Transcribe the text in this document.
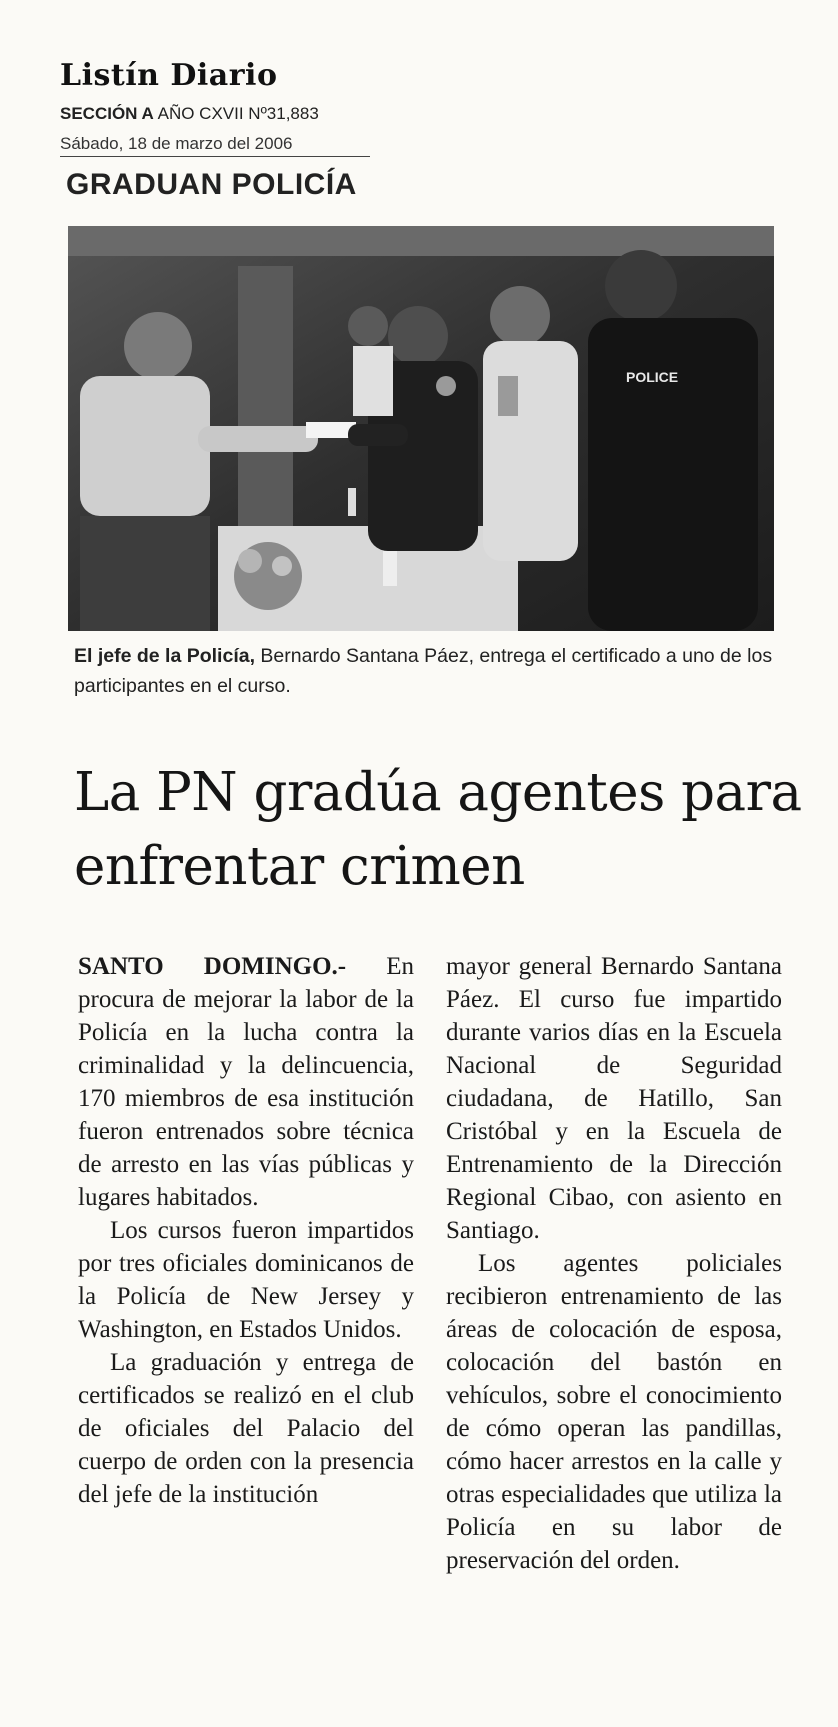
Listín Diario
SECCIÓN A AÑO CXVII Nº31,883
Sábado, 18 de marzo del 2006
GRADUAN POLICÍA
POLICE
El jefe de la Policía, Bernardo Santana Páez, entrega el certificado a uno de los participantes en el curso.
La PN gradúa agentes para enfrentar crimen

SANTO DOMINGO.- En procura de mejorar la labor de la Policía en la lucha contra la criminalidad y la delincuencia, 170 miembros de esa institución fueron entrenados sobre técnica de arresto en las vías públicas y lugares habitados.

Los cursos fueron impartidos por tres oficiales dominicanos de la Policía de New Jersey y Washington, en Estados Unidos.

La graduación y entrega de certificados se realizó en el club de oficiales del Palacio del cuerpo de orden con la presencia del jefe de la institución

mayor general Bernardo Santana Páez. El curso fue impartido durante varios días en la Escuela Nacional de Seguridad ciudadana, de Hatillo, San Cristóbal y en la Escuela de Entrenamiento de la Dirección Regional Cibao, con asiento en Santiago.

Los agentes policiales recibieron entrenamiento de las áreas de colocación de esposa, colocación del bastón en vehículos, sobre el conocimiento de cómo operan las pandillas, cómo hacer arrestos en la calle y otras especialidades que utiliza la Policía en su labor de preservación del orden.
